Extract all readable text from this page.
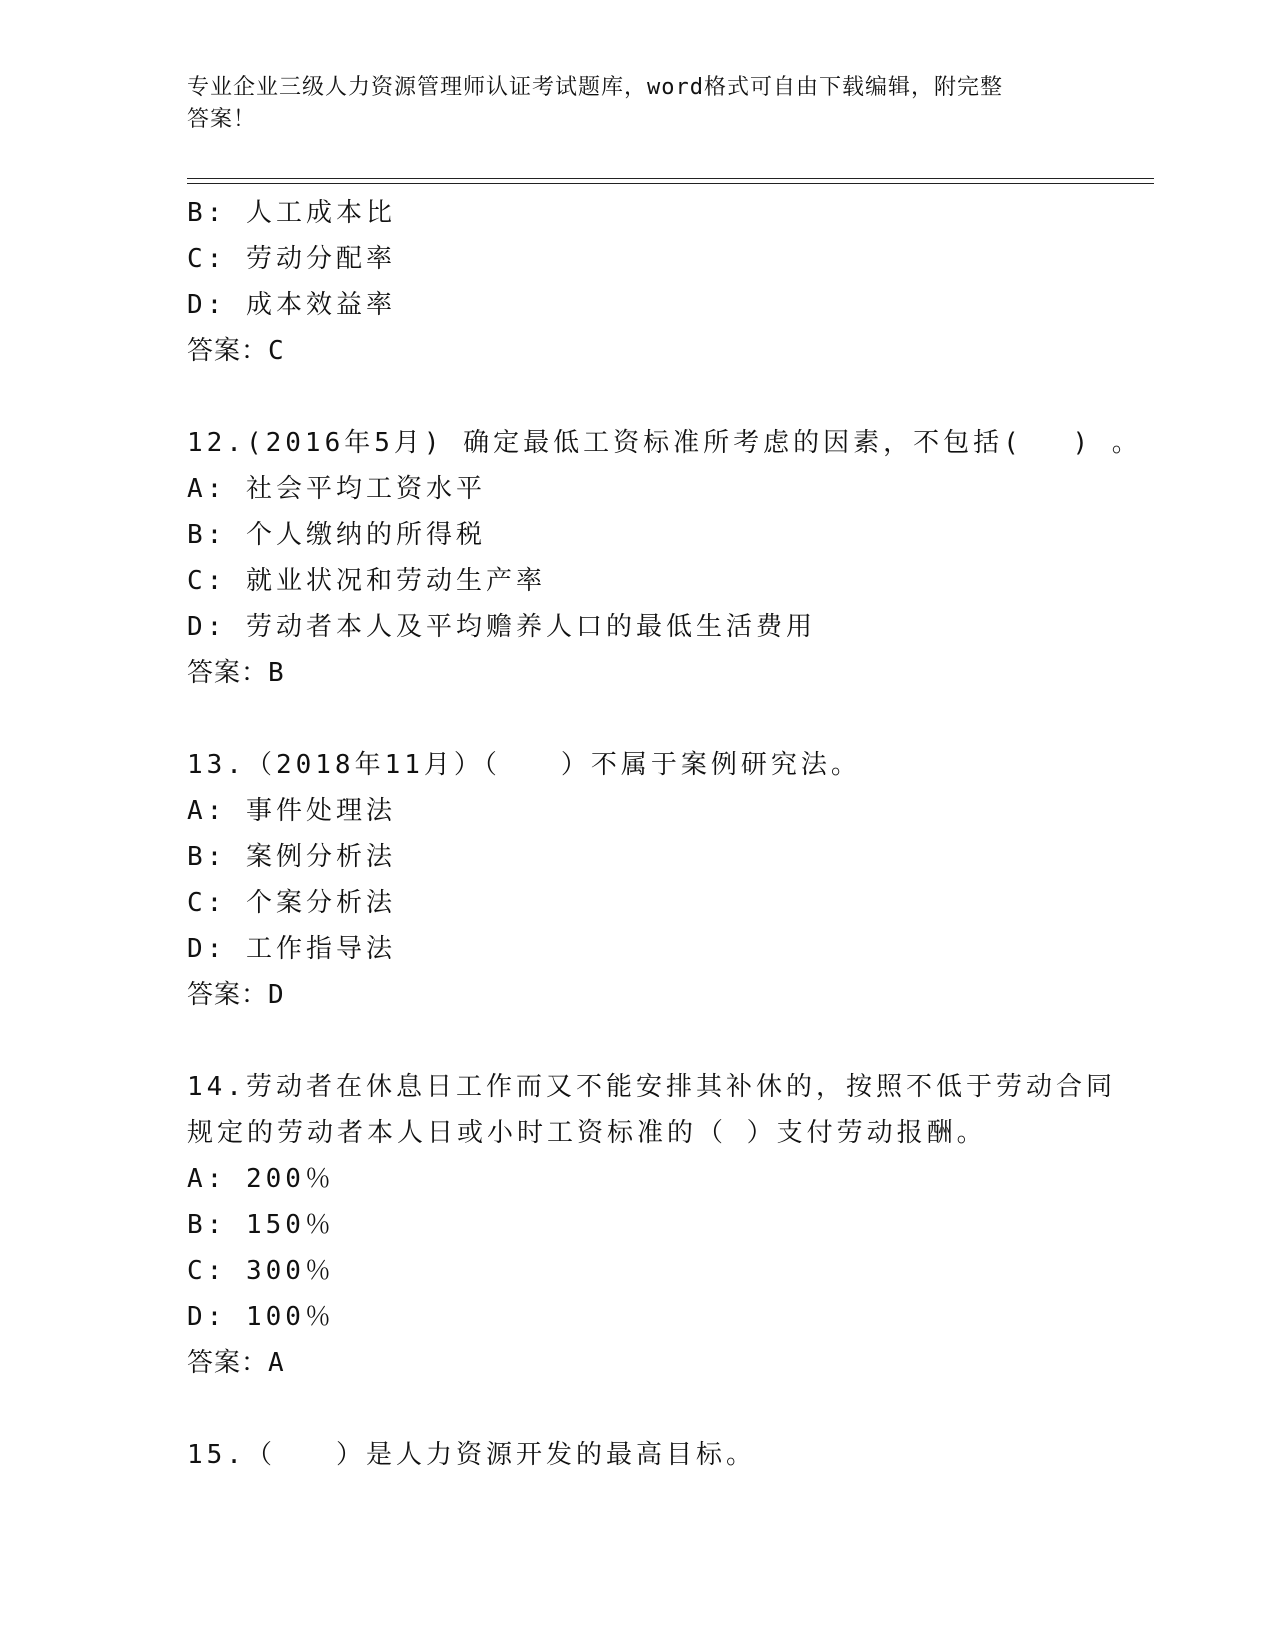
专业企业三级人力资源管理师认证考试题库，word格式可自由下载编辑，附完整
答案！
B: 人工成本比
C: 劳动分配率
D: 成本效益率
答案：C
12.(2016年5月) 确定最低工资标准所考虑的因素，不包括(　 ) 。
A: 社会平均工资水平
B: 个人缴纳的所得税
C: 就业状况和劳动生产率
D: 劳动者本人及平均赡养人口的最低生活费用
答案：B
13.（2018年11月）（　　）不属于案例研究法。
A: 事件处理法
B: 案例分析法
C: 个案分析法
D: 工作指导法
答案：D
14.劳动者在休息日工作而又不能安排其补休的，按照不低于劳动合同
规定的劳动者本人日或小时工资标准的（ ）支付劳动报酬。
A: 200％
B: 150％
C: 300％
D: 100％
答案：A
15.（　　）是人力资源开发的最高目标。
